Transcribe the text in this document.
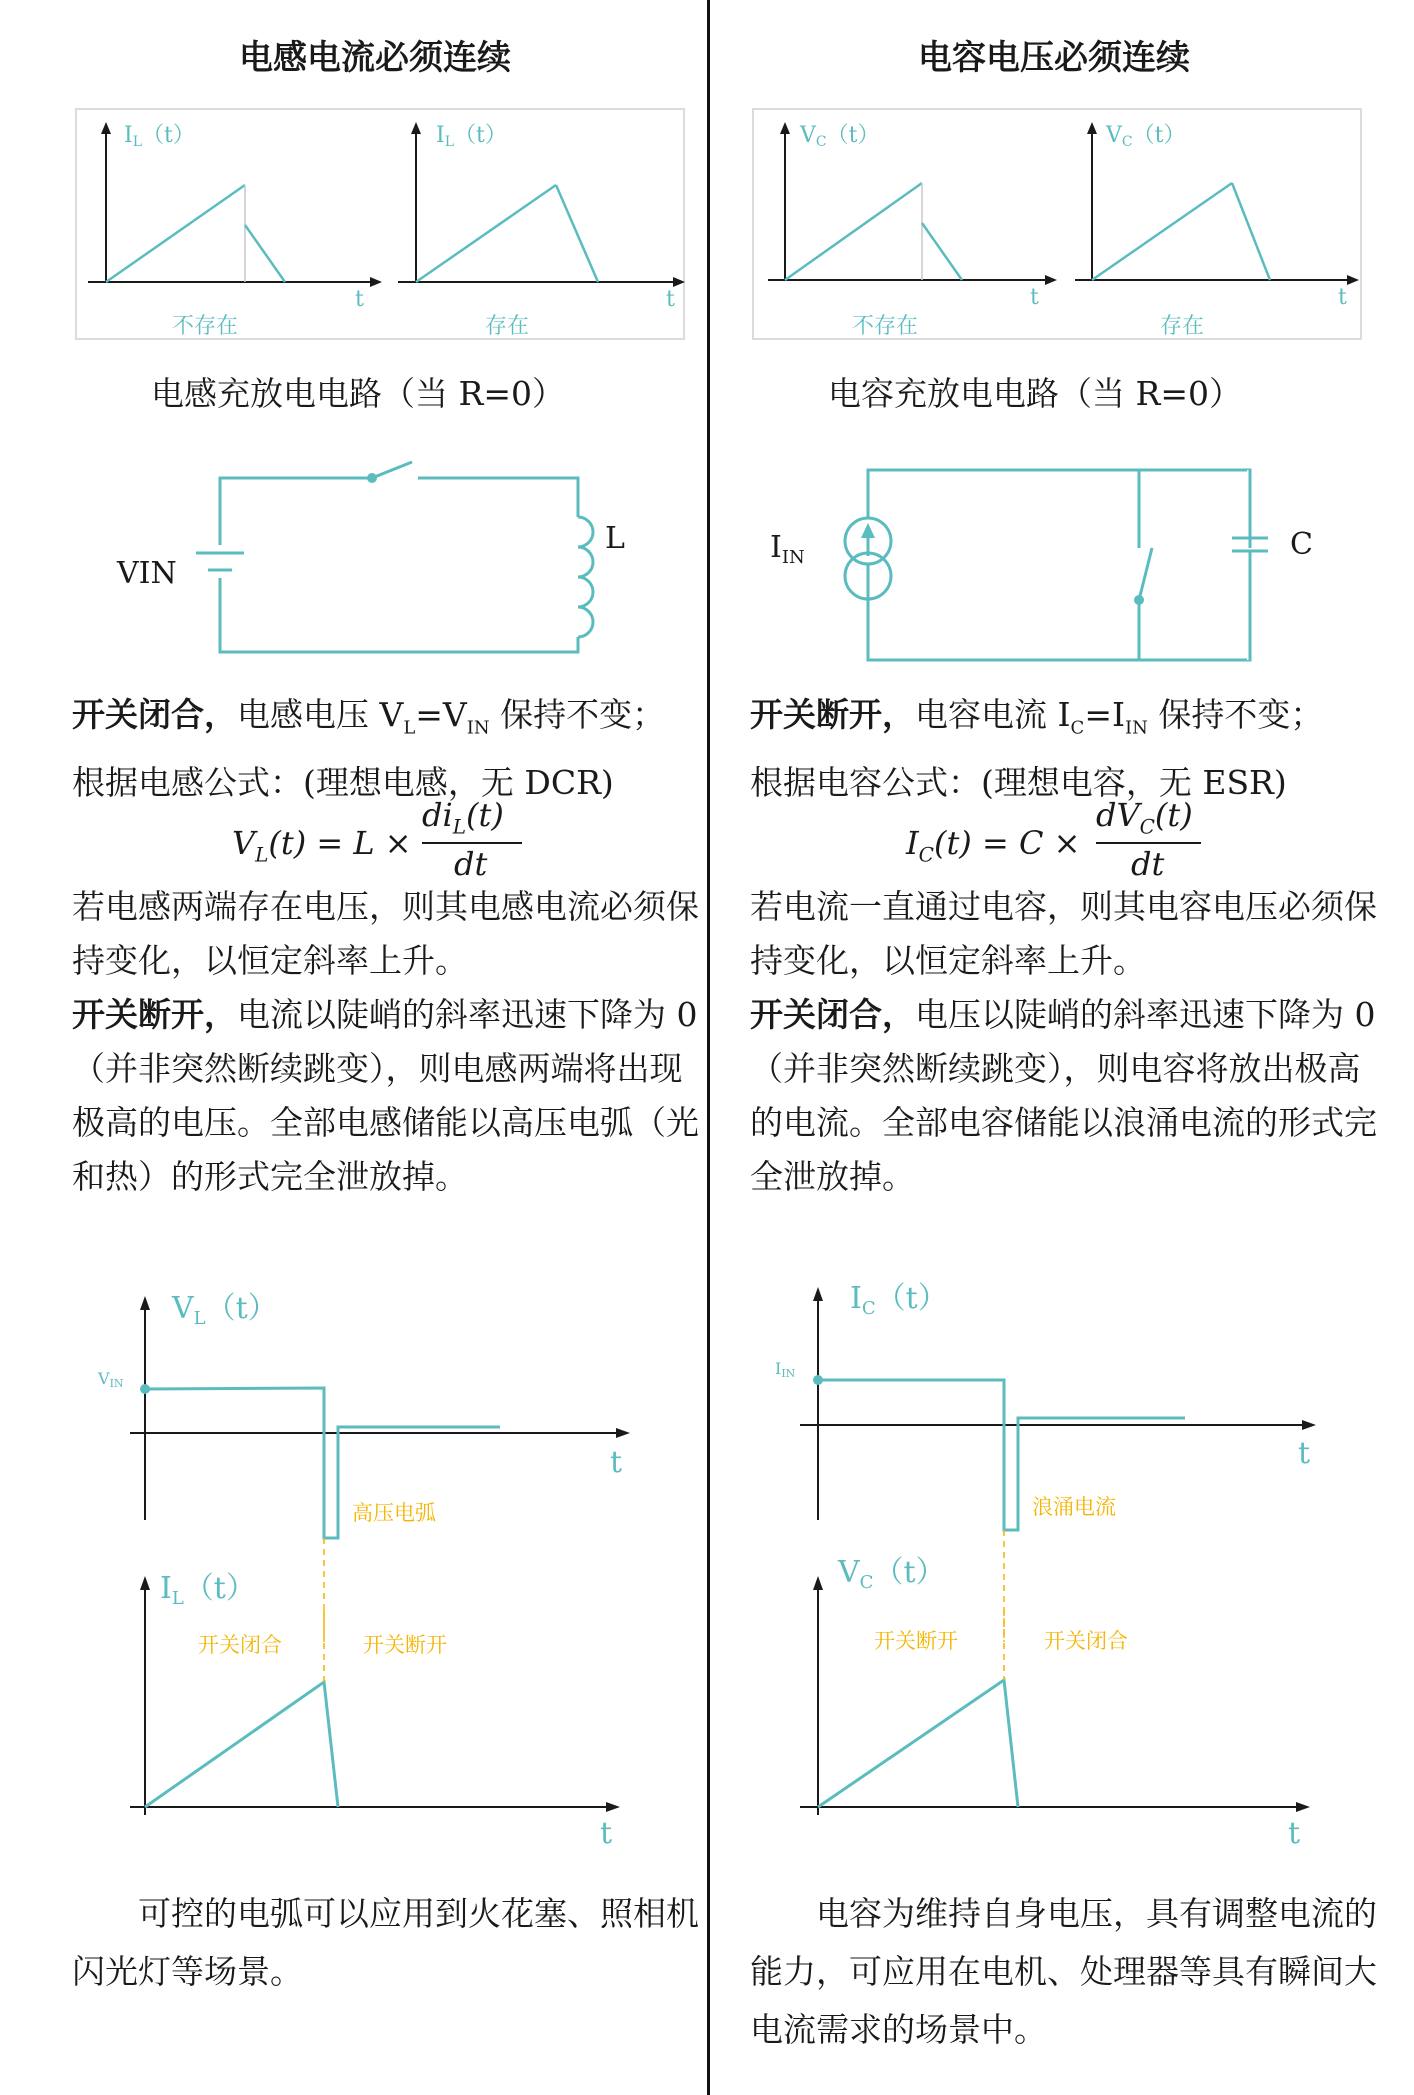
电感电流必须连续
IL（t）
t
不存在
IL（t）
t
存在
电感充放电电路（当 R=0）
VIN
L
开关闭合，电感电压 $V_L=V_{IN}$ 保持不变；
根据电感公式：(理想电感，无 DCR)
$V_L(t) = L$ ×
$di_L(t)$
dt
若电感两端存在电压，则其电感电流必须保持变化，以恒定斜率上升。
开关断开，电流以陡峭的斜率迅速下降为 0（并非突然断续跳变），则电感两端将出现极高的电压。全部电感储能以高压电弧（光和热）的形式完全泄放掉。
$V_L(t)$
VIN
t
高压电弧
$I_L(t)$
t
开关闭合	开关断开
可控的电弧可以应用到火花塞、照相机闪光灯等场景。
电容电压必须连续
VC（t）
t
不存在
VC（t）
t
存在
电容充放电电路（当 R=0）
$I_{IN}$	C
开关断开，电容电流 $I_C=I_{IN}$ 保持不变；
根据电容公式：(理想电容，无 ESR)
$I_C(t) = C$ ×
$dV_C(t)$
dt
若电流一直通过电容，则其电容电压必须保持变化，以恒定斜率上升。
开关闭合，电压以陡峭的斜率迅速下降为 0（并非突然断续跳变），则电容将放出极高的电流。全部电容储能以浪涌电流的形式完全泄放掉。
$I_C(t)$
IIN
t
浪涌电流
$V_C(t)$
t
开关断开	开关闭合
电容为维持自身电压，具有调整电流的能力，可应用在电机、处理器等具有瞬间大电流需求的场景中。
